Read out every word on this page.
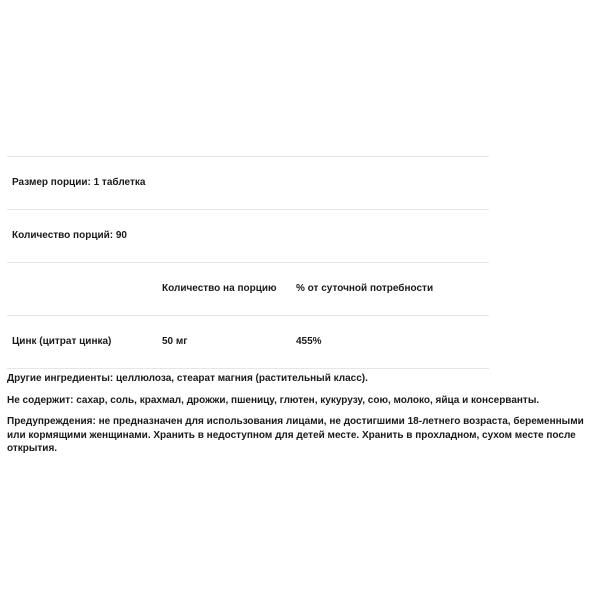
Размер порции: 1 таблетка
Количество порций: 90
Количество на порцию % от суточной потребности
Цинк (цитрат цинка)	50 мг	455%

Другие ингредиенты: целлюлоза, стеарат магния (растительный класс).

Не содержит: сахар, соль, крахмал, дрожжи, пшеницу, глютен, кукурузу, сою, молоко, яйца и консерванты.

Предупреждения: не предназначен для использования лицами, не достигшими 18-летнего возраста, беременными или кормящими женщинами. Хранить в недоступном для детей месте. Хранить в прохладном, сухом месте после открытия.
